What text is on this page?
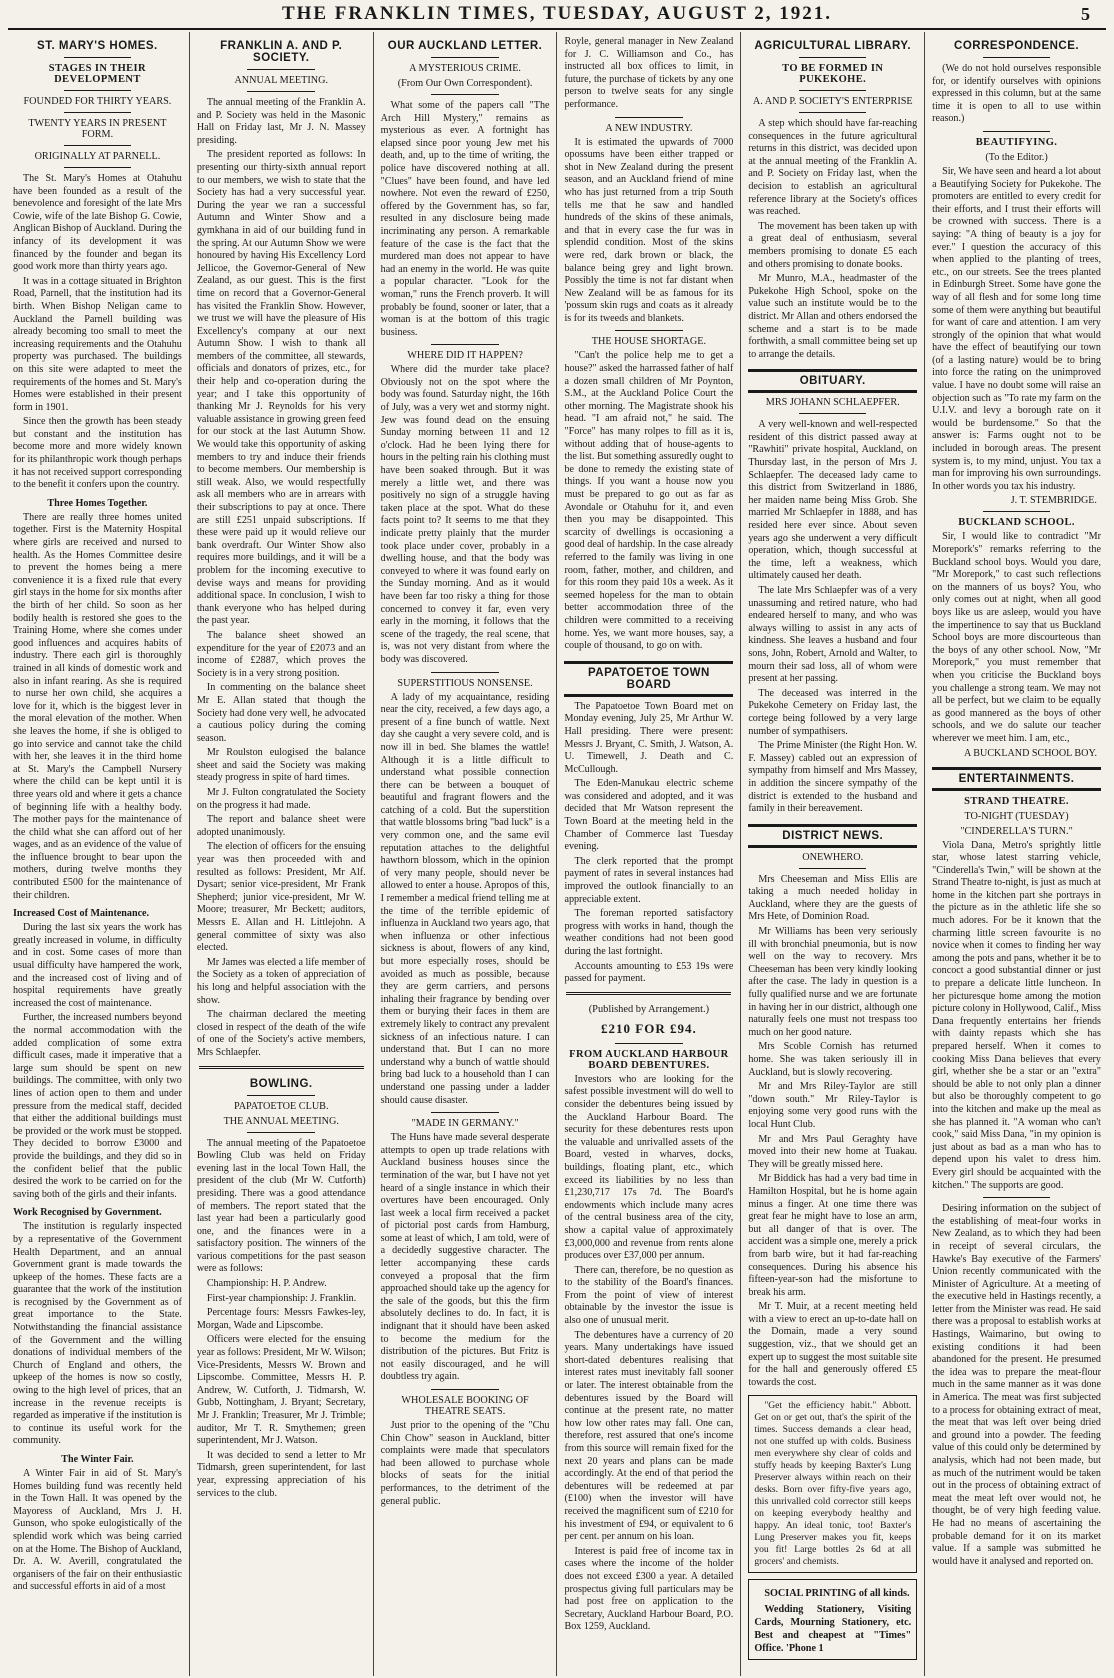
THE FRANKLIN TIMES, TUESDAY, AUGUST 2, 1921.	5
ST. MARY'S HOMES.
STAGES IN THEIR DEVELOPMENT
FOUNDED FOR THIRTY YEARS.
TWENTY YEARS IN PRESENT FORM.
ORIGINALLY AT PARNELL.

The St. Mary's Homes at Otahuhu have been founded as a result of the benevolence and foresight of the late Mrs Cowie, wife of the late Bishop G. Cowie, Anglican Bishop of Auckland. During the infancy of its development it was financed by the founder and began its good work more than thirty years ago.

It was in a cottage situated in Brighton Road, Parnell, that the institution had its birth. When Bishop Neligan came to Auckland the Parnell building was already becoming too small to meet the increasing requirements and the Otahuhu property was purchased. The buildings on this site were adapted to meet the requirements of the homes and St. Mary's Homes were established in their present form in 1901.

Since then the growth has been steady but constant and the institution has become more and more widely known for its philanthropic work though perhaps it has not received support corresponding to the benefit it confers upon the country.

Three Homes Together.

There are really three homes united together. First is the Maternity Hospital where girls are received and nursed to health. As the Homes Committee desire to prevent the homes being a mere convenience it is a fixed rule that every girl stays in the home for six months after the birth of her child. So soon as her bodily health is restored she goes to the Training Home, where she comes under good influences and acquires habits of industry. There each girl is thoroughly trained in all kinds of domestic work and also in infant rearing. As she is required to nurse her own child, she acquires a love for it, which is the biggest lever in the moral elevation of the mother. When she leaves the home, if she is obliged to go into service and cannot take the child with her, she leaves it in the third home at St. Mary's the Campbell Nursery where the child can be kept until it is three years old and where it gets a chance of beginning life with a healthy body. The mother pays for the maintenance of the child what she can afford out of her wages, and as an evidence of the value of the influence brought to bear upon the mothers, during twelve months they contributed £500 for the maintenance of their children.

Increased Cost of Maintenance.

During the last six years the work has greatly increased in volume, in difficulty and in cost. Some cases of more than usual difficulty have hampered the work, and the increased cost of living and of hospital requirements have greatly increased the cost of maintenance.

Further, the increased numbers beyond the normal accommodation with the added complication of some extra difficult cases, made it imperative that a large sum should be spent on new buildings. The committee, with only two lines of action open to them and under pressure from the medical staff, decided that either the additional buildings must be provided or the work must be stopped. They decided to borrow £3000 and provide the buildings, and they did so in the confident belief that the public desired the work to be carried on for the saving both of the girls and their infants.

Work Recognised by Government.

The institution is regularly inspected by a representative of the Government Health Department, and an annual Government grant is made towards the upkeep of the homes. These facts are a guarantee that the work of the institution is recognised by the Government as of great importance to the State. Notwithstanding the financial assistance of the Government and the willing donations of individual members of the Church of England and others, the upkeep of the homes is now so costly, owing to the high level of prices, that an increase in the revenue receipts is regarded as imperative if the institution is to continue its useful work for the community.

The Winter Fair.

A Winter Fair in aid of St. Mary's Homes building fund was recently held in the Town Hall. It was opened by the Mayoress of Auckland, Mrs J. H. Gunson, who spoke eulogistically of the splendid work which was being carried on at the Home. The Bishop of Auckland, Dr. A. W. Averill, congratulated the organisers of the fair on their enthusiastic and successful efforts in aid of a most

FRANKLIN A. AND P. SOCIETY.
ANNUAL MEETING.

The annual meeting of the Franklin A. and P. Society was held in the Masonic Hall on Friday last, Mr J. N. Massey presiding.

The president reported as follows: In presenting our thirty-sixth annual report to our members, we wish to state that the Society has had a very successful year. During the year we ran a successful Autumn and Winter Show and a gymkhana in aid of our building fund in the spring. At our Autumn Show we were honoured by having His Excellency Lord Jellicoe, the Governor-General of New Zealand, as our guest. This is the first time on record that a Governor-General has visited the Franklin Show. However, we trust we will have the pleasure of His Excellency's company at our next Autumn Show. I wish to thank all members of the committee, all stewards, officials and donators of prizes, etc., for their help and co-operation during the year; and I take this opportunity of thanking Mr J. Reynolds for his very valuable assistance in growing green feed for our stock at the last Autumn Show. We would take this opportunity of asking members to try and induce their friends to become members. Our membership is still weak. Also, we would respectfully ask all members who are in arrears with their subscriptions to pay at once. There are still £251 unpaid subscriptions. If these were paid up it would relieve our bank overdraft. Our Winter Show also requires more buildings, and it will be a problem for the incoming executive to devise ways and means for providing additional space. In conclusion, I wish to thank everyone who has helped during the past year.

The balance sheet showed an expenditure for the year of £2073 and an income of £2887, which proves the Society is in a very strong position.

In commenting on the balance sheet Mr E. Allan stated that though the Society had done very well, he advocated a cautious policy during the coming season.

Mr Roulston eulogised the balance sheet and said the Society was making steady progress in spite of hard times.

Mr J. Fulton congratulated the Society on the progress it had made.

The report and balance sheet were adopted unanimously.

The election of officers for the ensuing year was then proceeded with and resulted as follows: President, Mr Alf. Dysart; senior vice-president, Mr Frank Shepherd; junior vice-president, Mr W. Moore; treasurer, Mr Beckett; auditors, Messrs E. Allan and H. Littlejohn. A general committee of sixty was also elected.

Mr James was elected a life member of the Society as a token of appreciation of his long and helpful association with the show.

The chairman declared the meeting closed in respect of the death of the wife of one of the Society's active members, Mrs Schlaepfer.

BOWLING.
PAPATOETOE CLUB.
THE ANNUAL MEETING.

The annual meeting of the Papatoetoe Bowling Club was held on Friday evening last in the local Town Hall, the president of the club (Mr W. Cutforth) presiding. There was a good attendance of members. The report stated that the last year had been a particularly good one, and the finances were in a satisfactory position. The winners of the various competitions for the past season were as follows:

Championship: H. P. Andrew.

First-year championship: J. Franklin.

Percentage fours: Messrs Fawkes-ley, Morgan, Wade and Lipscombe.

Officers were elected for the ensuing year as follows: President, Mr W. Wilson; Vice-Presidents, Messrs W. Brown and Lipscombe. Committee, Messrs H. P. Andrew, W. Cutforth, J. Tidmarsh, W. Gubb, Nottingham, J. Bryant; Secretary, Mr J. Franklin; Treasurer, Mr J. Trimble; auditor, Mr T. R. Smythemen; green superintendent, Mr J. Watson.

It was decided to send a letter to Mr Tidmarsh, green superintendent, for last year, expressing appreciation of his services to the club.

OUR AUCKLAND LETTER.
A MYSTERIOUS CRIME.
(From Our Own Correspondent).

What some of the papers call "The Arch Hill Mystery," remains as mysterious as ever. A fortnight has elapsed since poor young Jew met his death, and, up to the time of writing, the police have discovered nothing at all. "Clues" have been found, and have led nowhere. Not even the reward of £250, offered by the Government has, so far, resulted in any disclosure being made incriminating any person. A remarkable feature of the case is the fact that the murdered man does not appear to have had an enemy in the world. He was quite a popular character. "Look for the woman," runs the French proverb. It will probably be found, sooner or later, that a woman is at the bottom of this tragic business.

WHERE DID IT HAPPEN?

Where did the murder take place? Obviously not on the spot where the body was found. Saturday night, the 16th of July, was a very wet and stormy night. Jew was found dead on the ensuing Sunday morning between 11 and 12 o'clock. Had he been lying there for hours in the pelting rain his clothing must have been soaked through. But it was merely a little wet, and there was positively no sign of a struggle having taken place at the spot. What do these facts point to? It seems to me that they indicate pretty plainly that the murder took place under cover, probably in a dwelling house, and that the body was conveyed to where it was found early on the Sunday morning. And as it would have been far too risky a thing for those concerned to convey it far, even very early in the morning, it follows that the scene of the tragedy, the real scene, that is, was not very distant from where the body was discovered.

SUPERSTITIOUS NONSENSE.

A lady of my acquaintance, residing near the city, received, a few days ago, a present of a fine bunch of wattle. Next day she caught a very severe cold, and is now ill in bed. She blames the wattle! Although it is a little difficult to understand what possible connection there can be between a bouquet of beautiful and fragrant flowers and the catching of a cold. But the superstition that wattle blossoms bring "bad luck" is a very common one, and the same evil reputation attaches to the delightful hawthorn blossom, which in the opinion of very many people, should never be allowed to enter a house. Apropos of this, I remember a medical friend telling me at the time of the terrible epidemic of influenza in Auckland two years ago, that when influenza or other infectious sickness is about, flowers of any kind, but more especially roses, should be avoided as much as possible, because they are germ carriers, and persons inhaling their fragrance by bending over them or burying their faces in them are extremely likely to contract any prevalent sickness of an infectious nature. I can understand that. But I can no more understand why a bunch of wattle should bring bad luck to a household than I can understand one passing under a ladder should cause disaster.

"MADE IN GERMANY."

The Huns have made several desperate attempts to open up trade relations with Auckland business houses since the termination of the war, but I have not yet heard of a single instance in which their overtures have been encouraged. Only last week a local firm received a packet of pictorial post cards from Hamburg, some at least of which, I am told, were of a decidedly suggestive character. The letter accompanying these cards conveyed a proposal that the firm approached should take up the agency for the sale of the goods, but this the firm absolutely declines to do. In fact, it is indignant that it should have been asked to become the medium for the distribution of the pictures. But Fritz is not easily discouraged, and he will doubtless try again.

WHOLESALE BOOKING OF THEATRE SEATS.

Just prior to the opening of the "Chu Chin Chow" season in Auckland, bitter complaints were made that speculators had been allowed to purchase whole blocks of seats for the initial performances, to the detriment of the general public.

Royle, general manager in New Zealand for J. C. Williamson and Co., has instructed all box offices to limit, in future, the purchase of tickets by any one person to twelve seats for any single performance.

A NEW INDUSTRY.

It is estimated the upwards of 7000 opossums have been either trapped or shot in New Zealand during the present season, and an Auckland friend of mine who has just returned from a trip South tells me that he saw and handled hundreds of the skins of these animals, and that in every case the fur was in splendid condition. Most of the skins were red, dark brown or black, the balance being grey and light brown. Possibly the time is not far distant when New Zealand will be as famous for its 'possum skin rugs and coats as it already is for its tweeds and blankets.

THE HOUSE SHORTAGE.

"Can't the police help me to get a house?" asked the harrassed father of half a dozen small children of Mr Poynton, S.M., at the Auckland Police Court the other morning. The Magistrate shook his head. "I am afraid not," he said. The "Force" has many rolpes to fill as it is, without adding that of house-agents to the list. But something assuredly ought to be done to remedy the existing state of things. If you want a house now you must be prepared to go out as far as Avondale or Otahuhu for it, and even then you may be disappointed. This scarcity of dwellings is occasioning a good deal of hardship. In the case already referred to the family was living in one room, father, mother, and children, and for this room they paid 10s a week. As it seemed hopeless for the man to obtain better accommodation three of the children were committed to a receiving home. Yes, we want more houses, say, a couple of thousand, to go on with.

PAPATOETOE TOWN BOARD

The Papatoetoe Town Board met on Monday evening, July 25, Mr Arthur W. Hall presiding. There were present: Messrs J. Bryant, C. Smith, J. Watson, A. U. Timewell, J. Death and C. McCullough.

The Eden-Manukau electric scheme was considered and adopted, and it was decided that Mr Watson represent the Town Board at the meeting held in the Chamber of Commerce last Tuesday evening.

The clerk reported that the prompt payment of rates in several instances had improved the outlook financially to an appreciable extent.

The foreman reported satisfactory progress with works in hand, though the weather conditions had not been good during the last fortnight.

Accounts amounting to £53 19s were passed for payment.

(Published by Arrangement.)
£210 FOR £94.
FROM AUCKLAND HARBOUR BOARD DEBENTURES.

Investors who are looking for the safest possible investment will do well to consider the debentures being issued by the Auckland Harbour Board. The security for these debentures rests upon the valuable and unrivalled assets of the Board, vested in wharves, docks, buildings, floating plant, etc., which exceed its liabilities by no less than £1,230,717 17s 7d. The Board's endowments which include many acres of the central business area of the city, show a capital value of approximately £3,000,000 and revenue from rents alone produces over £37,000 per annum.

There can, therefore, be no question as to the stability of the Board's finances. From the point of view of interest obtainable by the investor the issue is also one of unusual merit.

The debentures have a currency of 20 years. Many undertakings have issued short-dated debentures realising that interest rates must inevitably fall sooner or later. The interest obtainable from the debentures issued by the Board will continue at the present rate, no matter how low other rates may fall. One can, therefore, rest assured that one's income from this source will remain fixed for the next 20 years and plans can be made accordingly. At the end of that period the debentures will be redeemed at par (£100) when the investor will have received the magnificent sum of £210 for his investment of £94, or equivalent to 6 per cent. per annum on his loan.

Interest is paid free of income tax in cases where the income of the holder does not exceed £300 a year. A detailed prospectus giving full particulars may be had post free on application to the Secretary, Auckland Harbour Board, P.O. Box 1259, Auckland.

AGRICULTURAL LIBRARY.
TO BE FORMED IN PUKEKOHE.
A. AND P. SOCIETY'S ENTERPRISE

A step which should have far-reaching consequences in the future agricultural returns in this district, was decided upon at the annual meeting of the Franklin A. and P. Society on Friday last, when the decision to establish an agricultural reference library at the Society's offices was reached.

The movement has been taken up with a great deal of enthusiasm, several members promising to donate £5 each and others promising to donate books.

Mr Munro, M.A., headmaster of the Pukekohe High School, spoke on the value such an institute would be to the district. Mr Allan and others endorsed the scheme and a start is to be made forthwith, a small committee being set up to arrange the details.

OBITUARY.
MRS JOHANN SCHLAEPFER.

A very well-known and well-respected resident of this district passed away at "Rawhiti" private hospital, Auckland, on Thursday last, in the person of Mrs J. Schlaepfer. The deceased lady came to this district from Switzerland in 1886, her maiden name being Miss Grob. She married Mr Schlaepfer in 1888, and has resided here ever since. About seven years ago she underwent a very difficult operation, which, though successful at the time, left a weakness, which ultimately caused her death.

The late Mrs Schlaepfer was of a very unassuming and retired nature, who had endeared herself to many, and who was always willing to assist in any acts of kindness. She leaves a husband and four sons, John, Robert, Arnold and Walter, to mourn their sad loss, all of whom were present at her passing.

The deceased was interred in the Pukekohe Cemetery on Friday last, the cortege being followed by a very large number of sympathisers.

The Prime Minister (the Right Hon. W. F. Massey) cabled out an expression of sympathy from himself and Mrs Massey, in addition the sincere sympathy of the district is extended to the husband and family in their bereavement.

DISTRICT NEWS.
ONEWHERO.

Mrs Cheeseman and Miss Ellis are taking a much needed holiday in Auckland, where they are the guests of Mrs Hete, of Dominion Road.

Mr Williams has been very seriously ill with bronchial pneumonia, but is now well on the way to recovery. Mrs Cheeseman has been very kindly looking after the case. The lady in question is a fully qualified nurse and we are fortunate in having her in our district, although one naturally feels one must not trespass too much on her good nature.

Mrs Scoble Cornish has returned home. She was taken seriously ill in Auckland, but is slowly recovering.

Mr and Mrs Riley-Taylor are still "down south." Mr Riley-Taylor is enjoying some very good runs with the local Hunt Club.

Mr and Mrs Paul Geraghty have moved into their new home at Tuakau. They will be greatly missed here.

Mr Biddick has had a very bad time in Hamilton Hospital, but he is home again minus a finger. At one time there was great fear he might have to lose an arm, but all danger of that is over. The accident was a simple one, merely a prick from barb wire, but it had far-reaching consequences. During his absence his fifteen-year-son had the misfortune to break his arm.

Mr T. Muir, at a recent meeting held with a view to erect an up-to-date hall on the Domain, made a very sound suggestion, viz., that we should get an expert up to suggest the most suitable site for the hall and generously offered £5 towards the cost.

"Get the efficiency habit." Abbott. Get on or get out, that's the spirit of the times. Success demands a clear head, not one stuffed up with colds. Business men everywhere shy clear of colds and stuffy heads by keeping Baxter's Lung Preserver always within reach on their desks. Born over fifty-five years ago, this unrivalled cold corrector still keeps on keeping everybody healthy and happy. An ideal tonic, too! Baxter's Lung Preserver makes you fit, keeps you fit! Large bottles 2s 6d at all grocers' and chemists.

SOCIAL PRINTING of all kinds.

Wedding Stationery, Visiting Cards, Mourning Stationery, etc. Best and cheapest at "Times" Office. 'Phone 1

CORRESPONDENCE.

(We do not hold ourselves responsible for, or identify ourselves with opinions expressed in this column, but at the same time it is open to all to use within reason.)

BEAUTIFYING.
(To the Editor.)

Sir, We have seen and heard a lot about a Beautifying Society for Pukekohe. The promoters are entitled to every credit for their efforts, and I trust their efforts will be crowned with success. There is a saying: "A thing of beauty is a joy for ever." I question the accuracy of this when applied to the planting of trees, etc., on our streets. See the trees planted in Edinburgh Street. Some have gone the way of all flesh and for some long time some of them were anything but beautiful for want of care and attention. I am very strongly of the opinion that what would have the effect of beautifying our town (of a lasting nature) would be to bring into force the rating on the unimproved value. I have no doubt some will raise an objection such as "To rate my farm on the U.I.V. and levy a borough rate on it would be burdensome." So that the answer is: Farms ought not to be included in borough areas. The present system is, to my mind, unjust. You tax a man for improving his own surroundings. In other words you tax his industry.

J. T. STEMBRIDGE.
BUCKLAND SCHOOL.

Sir, I would like to contradict "Mr Morepork's" remarks referring to the Buckland school boys. Would you dare, "Mr Morepork," to cast such reflections on the manners of us boys? You, who only comes out at night, when all good boys like us are asleep, would you have the impertinence to say that us Buckland School boys are more discourteous than the boys of any other school. Now, "Mr Morepork," you must remember that when you criticise the Buckland boys you challenge a strong team. We may not all be perfect, but we claim to be equally as good mannered as the boys of other schools, and we do salute our teacher wherever we meet him. I am, etc.,

A BUCKLAND SCHOOL BOY.
ENTERTAINMENTS.
STRAND THEATRE.
TO-NIGHT (TUESDAY)
"CINDERELLA'S TURN."

Viola Dana, Metro's sprightly little star, whose latest starring vehicle, "Cinderella's Twin," will be shown at the Strand Theatre to-night, is just as much at home in the kitchen part she portrays in the picture as in the athletic life she so much adores. For be it known that the charming little screen favourite is no novice when it comes to finding her way among the pots and pans, whether it be to concoct a good substantial dinner or just to prepare a delicate little luncheon. In her picturesque home among the motion picture colony in Hollywood, Calif., Miss Dana frequently entertains her friends with dainty repasts which she has prepared herself. When it comes to cooking Miss Dana believes that every girl, whether she be a star or an "extra" should be able to not only plan a dinner but also be thoroughly competent to go into the kitchen and make up the meal as she has planned it. "A woman who can't cook," said Miss Dana, "in my opinion is just about as bad as a man who has to depend upon his valet to dress him. Every girl should be acquainted with the kitchen." The supports are good.

Desiring information on the subject of the establishing of meat-four works in New Zealand, as to which they had been in receipt of several circulars, the Hawke's Bay executive of the Farmers' Union recently communicated with the Minister of Agriculture. At a meeting of the executive held in Hastings recently, a letter from the Minister was read. He said there was a proposal to establish works at Hastings, Waimarino, but owing to existing conditions it had been abandoned for the present. He presumed the idea was to prepare the meat-flour much in the same manner as it was done in America. The meat was first subjected to a process for obtaining extract of meat, the meat that was left over being dried and ground into a powder. The feeding value of this could only be determined by analysis, which had not been made, but as much of the nutriment would be taken out in the process of obtaining extract of meat the meat left over would not, he thought, be of very high feeding value. He had no means of ascertaining the probable demand for it on its market value. If a sample was submitted he would have it analysed and reported on.
